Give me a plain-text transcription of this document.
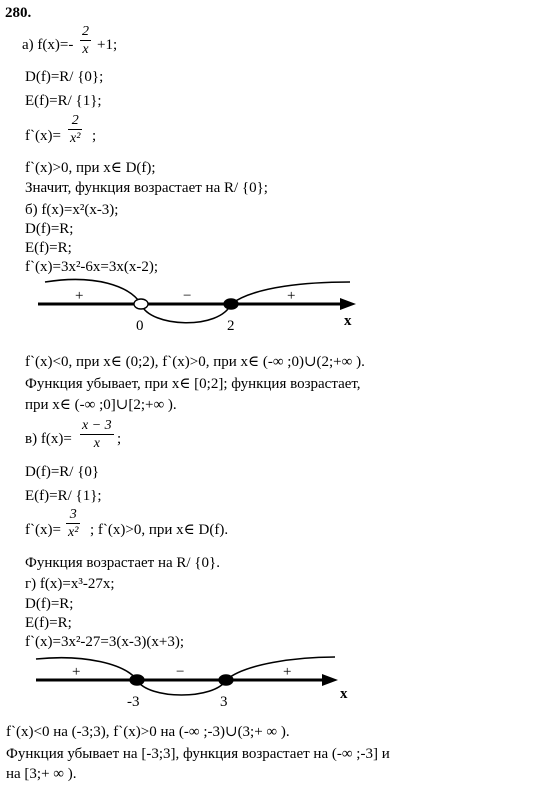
280.
а) f(x)=-
2
x +1;
D(f)=R/ {0};
E(f)=R/ {1};
f`(x)=
2
x² ;
f`(x)>0, при x∈ D(f);
Значит, функция возрастает на R/ {0};
б) f(x)=x²(x-3);
D(f)=R;
E(f)=R;
f`(x)=3x²-6x=3x(x-2);
+	−	+
0	2	x
f`(x)<0, при x∈ (0;2), f`(x)>0, при x∈ (-∞ ;0)∪(2;+∞ ).
Функция убывает, при x∈ [0;2]; функция возрастает,
при x∈ (-∞ ;0]∪[2;+∞ ).
в) f(x)=
x − 3
x	;
D(f)=R/ {0}
E(f)=R/ {1};
f`(x)=
3
x² ; f`(x)>0, при x∈ D(f).
Функция возрастает на R/ {0}.
г) f(x)=x³-27x;
D(f)=R;
E(f)=R;
f`(x)=3x²-27=3(x-3)(x+3);
+	−	+
-3	3	x
f`(x)<0 на (-3;3), f`(x)>0 на (-∞ ;-3)∪(3;+ ∞ ).
Функция убывает на [-3;3], функция возрастает на (-∞ ;-3] и
на [3;+ ∞ ).
